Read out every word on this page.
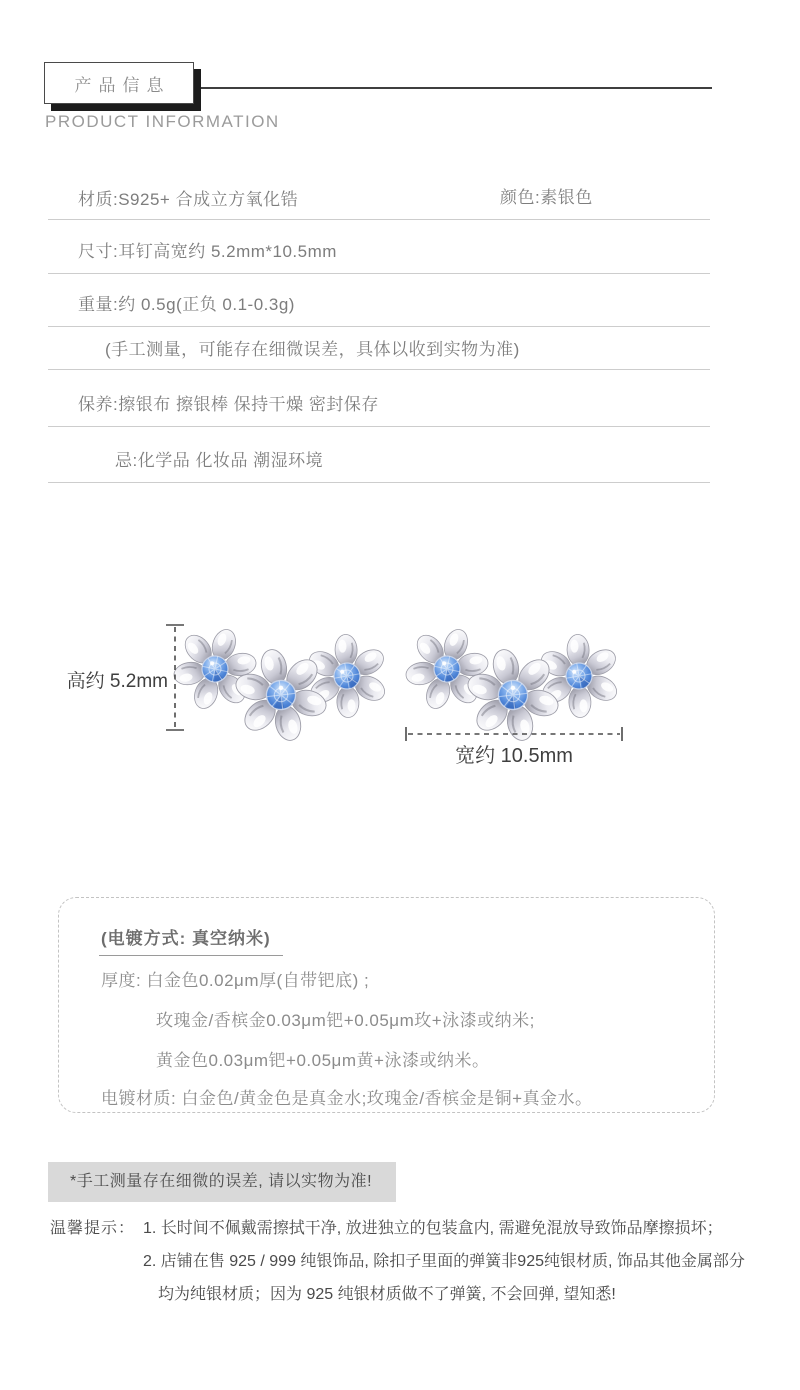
产品信息
PRODUCT INFORMATION
材质:S925+ 合成立方氧化锆	颜色:素银色
尺寸:耳钉高宽约 5.2mm*10.5mm
重量:约 0.5g(正负 0.1-0.3g)
(手工测量，可能存在细微误差，具体以收到实物为准)
保养:擦银布 擦银棒 保持干燥 密封保存
忌:化学品 化妆品 潮湿环境
高约 5.2mm
宽约 10.5mm
(电镀方式: 真空纳米)
厚度: 白金色0.02μm厚(自带钯底) ;
玫瑰金/香槟金0.03μm钯+0.05μm玫+泳漆或纳米;
黄金色0.03μm钯+0.05μm黄+泳漆或纳米。
电镀材质: 白金色/黄金色是真金水;玫瑰金/香槟金是铜+真金水。
*手工测量存在细微的误差, 请以实物为准!
温馨提示： 1. 长时间不佩戴需擦拭干净, 放进独立的包装盒内, 需避免混放导致饰品摩擦损坏；
2. 店铺在售 925 / 999 纯银饰品, 除扣子里面的弹簧非925纯银材质, 饰品其他金属部分
均为纯银材质；因为 925 纯银材质做不了弹簧, 不会回弹, 望知悉!
